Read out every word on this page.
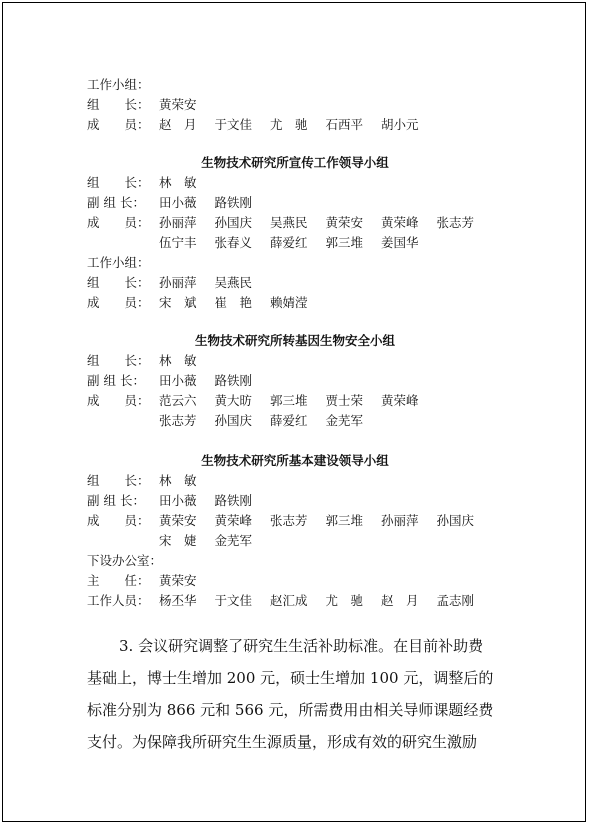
工作小组：
组　　长： 黄荣安
成　　员： 赵　月 于文佳 尤　驰 石西平 胡小元
生物技术研究所宣传工作领导小组
组　　长： 林　敏
副 组 长： 田小薇 路铁刚
成　　员： 孙丽萍 孙国庆 吴燕民 黄荣安 黄荣峰 张志芳
伍宁丰 张春义 薛爱红 郭三堆 姜国华
工作小组：
组　　长： 孙丽萍 吴燕民
成　　员： 宋　斌 崔　艳 赖婧滢
生物技术研究所转基因生物安全小组
组　　长： 林　敏
副 组 长： 田小薇 路铁刚
成　　员： 范云六 黄大昉 郭三堆 贾士荣 黄荣峰
张志芳 孙国庆 薛爱红 金芜军
生物技术研究所基本建设领导小组
组　　长： 林　敏
副 组 长： 田小薇 路铁刚
成　　员： 黄荣安 黄荣峰 张志芳 郭三堆 孙丽萍 孙国庆
宋　婕 金芜军
下设办公室：
主　　任： 黄荣安
工作人员： 杨丕华 于文佳 赵汇成 尤　驰 赵　月 孟志刚
3. 会议研究调整了研究生生活补助标准。在目前补助费
基础上，博士生增加 200 元，硕士生增加 100 元，调整后的
标准分别为 866 元和 566 元，所需费用由相关导师课题经费
支付。为保障我所研究生生源质量，形成有效的研究生激励
